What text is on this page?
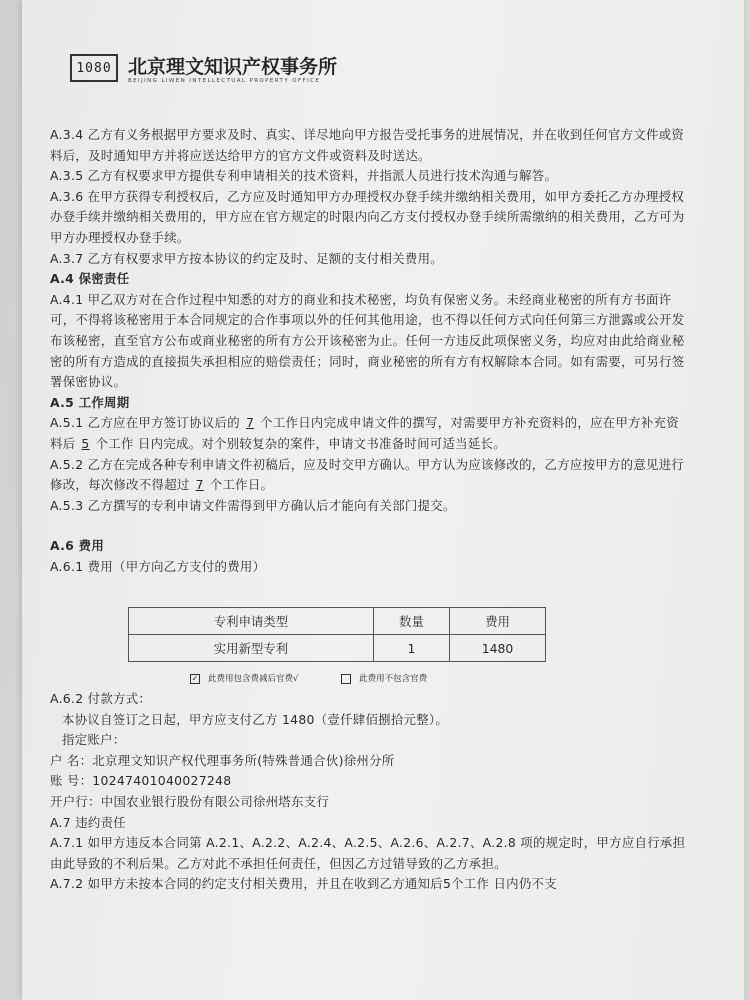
1080 北京理文知识产权事务所
BEIJING LIWEN INTELLECTUAL PROPERTY OFFICE

A.3.4 乙方有义务根据甲方要求及时、真实、详尽地向甲方报告受托事务的进展情况，并在收到任何官方文件或资料后，及时通知甲方并将应送达给甲方的官方文件或资料及时送达。

A.3.5 乙方有权要求甲方提供专利申请相关的技术资料，并指派人员进行技术沟通与解答。

A.3.6 在甲方获得专利授权后，乙方应及时通知甲方办理授权办登手续并缴纳相关费用，如甲方委托乙方办理授权办登手续并缴纳相关费用的，甲方应在官方规定的时限内向乙方支付授权办登手续所需缴纳的相关费用，乙方可为甲方办理授权办登手续。

A.3.7 乙方有权要求甲方按本协议的约定及时、足额的支付相关费用。

A.4 保密责任

A.4.1 甲乙双方对在合作过程中知悉的对方的商业和技术秘密，均负有保密义务。未经商业秘密的所有方书面许可，不得将该秘密用于本合同规定的合作事项以外的任何其他用途，也不得以任何方式向任何第三方泄露或公开发布该秘密，直至官方公布或商业秘密的所有方公开该秘密为止。任何一方违反此项保密义务，均应对由此给商业秘密的所有方造成的直接损失承担相应的赔偿责任；同时，商业秘密的所有方有权解除本合同。如有需要，可另行签署保密协议。

A.5 工作周期

A.5.1 乙方应在甲方签订协议后的 7 个工作日内完成申请文件的撰写，对需要甲方补充资料的，应在甲方补充资料后 5 个工作 日内完成。对个别较复杂的案件，申请文书准备时间可适当延长。

A.5.2 乙方在完成各种专利申请文件初稿后，应及时交甲方确认。甲方认为应该修改的，乙方应按甲方的意见进行修改，每次修改不得超过 7 个工作日。

A.5.3 乙方撰写的专利申请文件需得到甲方确认后才能向有关部门提交。

A.6 费用

A.6.1 费用（甲方向乙方支付的费用）

专利申请类型	数量	费用
实用新型专利	1	1480
✓ 此费用包含费减后官费√	此费用不包含官费

A.6.2 付款方式：

本协议自签订之日起，甲方应支付乙方 1480（壹仟肆佰捌拾元整）。

指定账户：

户 名：北京理文知识产权代理事务所(特殊普通合伙)徐州分所

账 号：10247401040027248

开户行：中国农业银行股份有限公司徐州塔东支行

A.7 违约责任

A.7.1 如甲方违反本合同第 A.2.1、A.2.2、A.2.4、A.2.5、A.2.6、A.2.7、A.2.8 项的规定时，甲方应自行承担由此导致的不利后果。乙方对此不承担任何责任，但因乙方过错导致的乙方承担。

A.7.2 如甲方未按本合同的约定支付相关费用，并且在收到乙方通知后5个工作 日内仍不支
